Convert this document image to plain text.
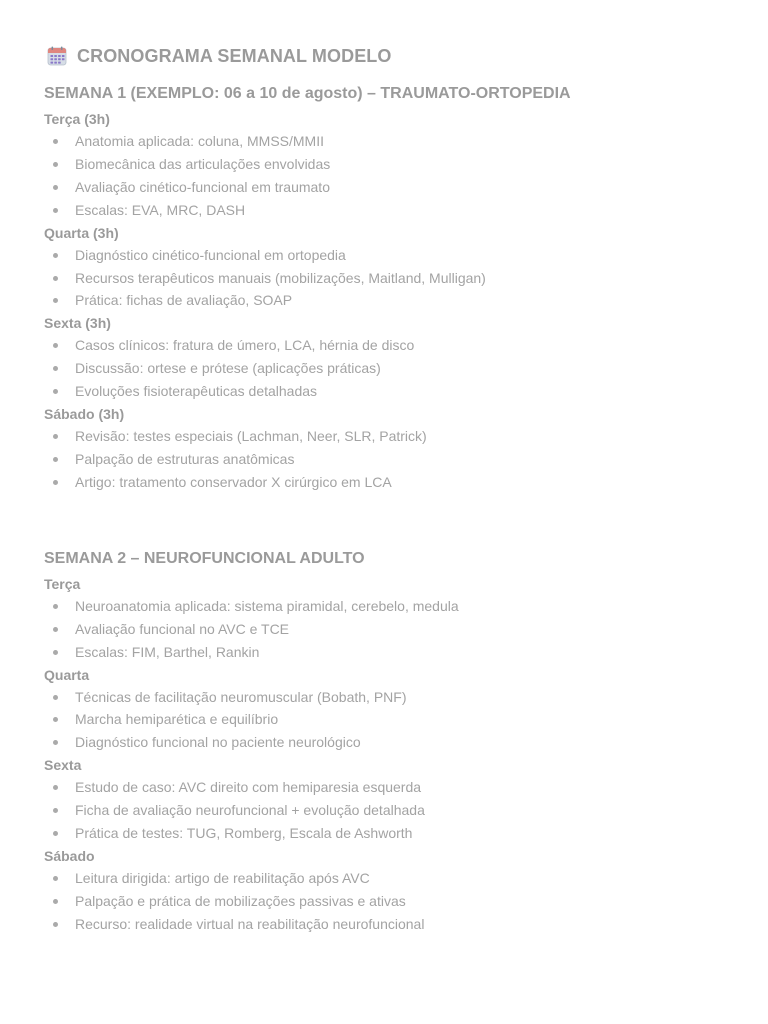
CRONOGRAMA SEMANAL MODELO
SEMANA 1 (EXEMPLO: 06 a 10 de agosto) – TRAUMATO-ORTOPEDIA
Terça (3h)
Anatomia aplicada: coluna, MMSS/MMII
Biomecânica das articulações envolvidas
Avaliação cinético-funcional em traumato
Escalas: EVA, MRC, DASH
Quarta (3h)
Diagnóstico cinético-funcional em ortopedia
Recursos terapêuticos manuais (mobilizações, Maitland, Mulligan)
Prática: fichas de avaliação, SOAP
Sexta (3h)
Casos clínicos: fratura de úmero, LCA, hérnia de disco
Discussão: ortese e prótese (aplicações práticas)
Evoluções fisioterapêuticas detalhadas
Sábado (3h)
Revisão: testes especiais (Lachman, Neer, SLR, Patrick)
Palpação de estruturas anatômicas
Artigo: tratamento conservador X cirúrgico em LCA
SEMANA 2 – NEUROFUNCIONAL ADULTO
Terça
Neuroanatomia aplicada: sistema piramidal, cerebelo, medula
Avaliação funcional no AVC e TCE
Escalas: FIM, Barthel, Rankin
Quarta
Técnicas de facilitação neuromuscular (Bobath, PNF)
Marcha hemiparética e equilíbrio
Diagnóstico funcional no paciente neurológico
Sexta
Estudo de caso: AVC direito com hemiparesia esquerda
Ficha de avaliação neurofuncional + evolução detalhada
Prática de testes: TUG, Romberg, Escala de Ashworth
Sábado
Leitura dirigida: artigo de reabilitação após AVC
Palpação e prática de mobilizações passivas e ativas
Recurso: realidade virtual na reabilitação neurofuncional
